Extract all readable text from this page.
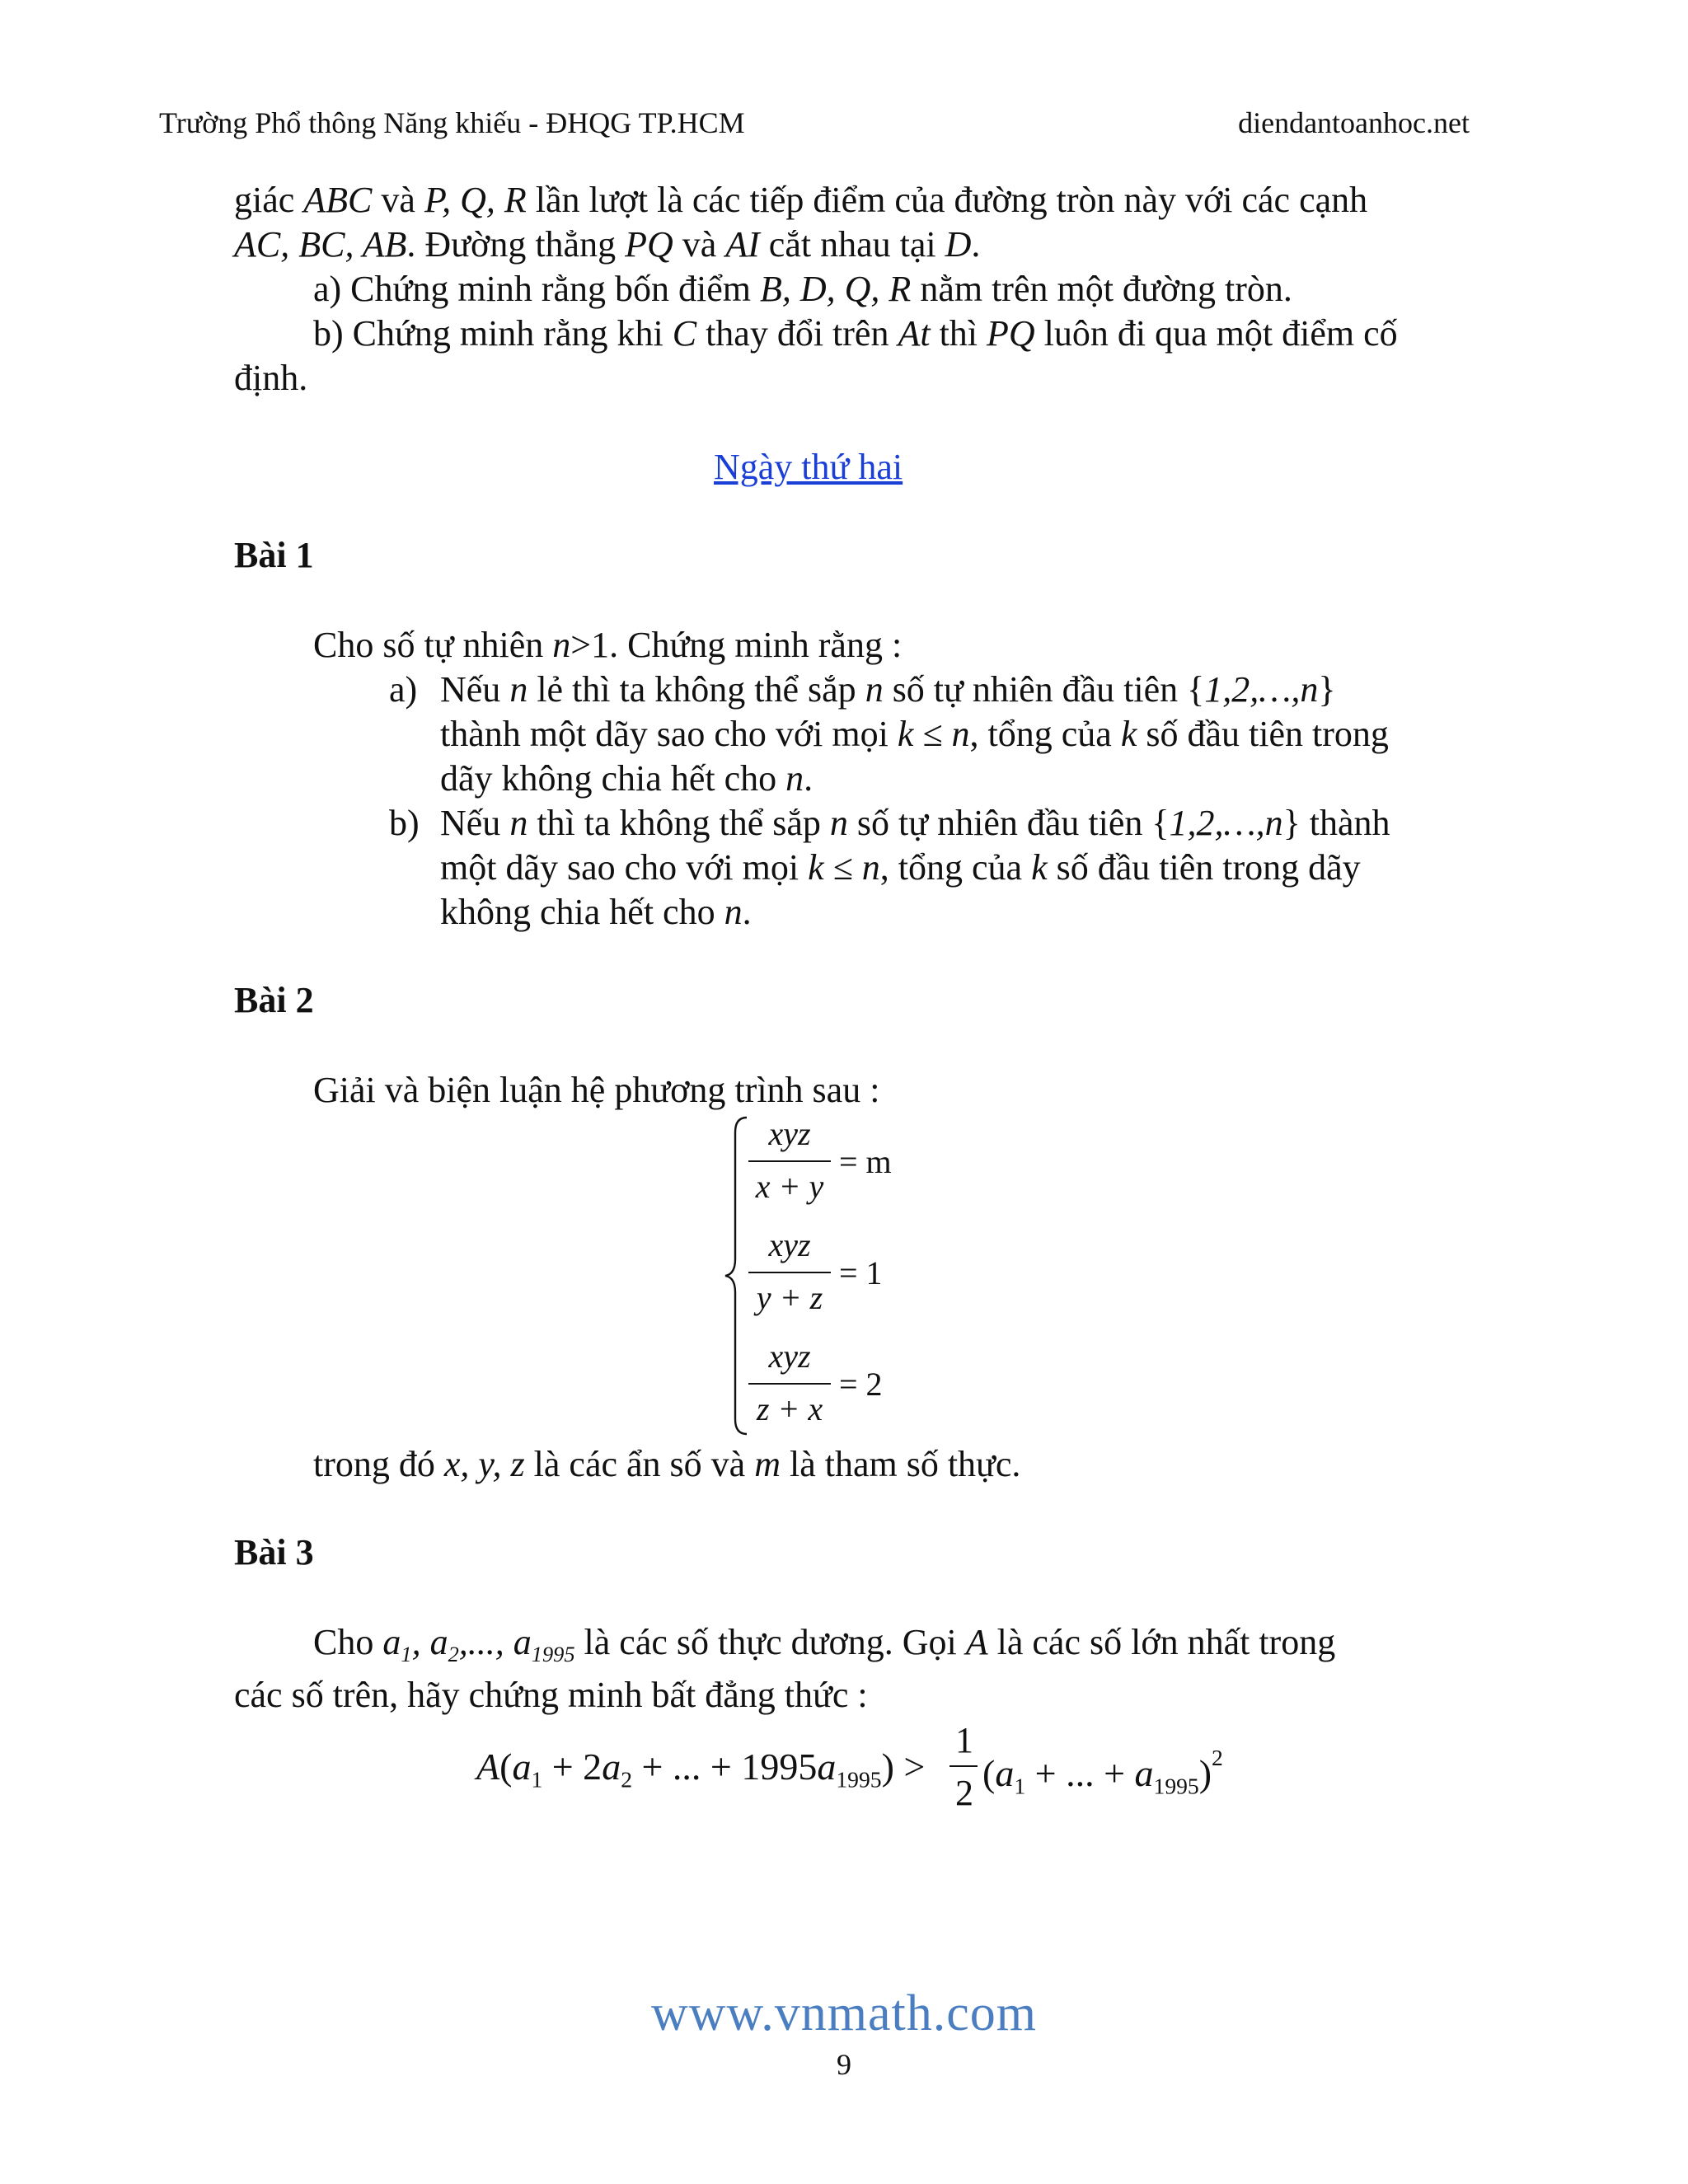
Trường Phổ thông Năng khiếu - ĐHQG TP.HCM	diendantoanhoc.net
giác ABC và P, Q, R lần lượt là các tiếp điểm của đường tròn này với các cạnh
AC, BC, AB. Đường thẳng PQ và AI cắt nhau tại D.
a) Chứng minh rằng bốn điểm B, D, Q, R nằm trên một đường tròn.
b) Chứng minh rằng khi C thay đổi trên At thì PQ luôn đi qua một điểm cố
định.
Ngày thứ hai
Bài 1
Cho số tự nhiên n>1. Chứng minh rằng :
a) Nếu n lẻ thì ta không thể sắp n số tự nhiên đầu tiên {1,2,…,n}
thành một dãy sao cho với mọi k ≤ n, tổng của k số đầu tiên trong
dãy không chia hết cho n.
b) Nếu n thì ta không thể sắp n số tự nhiên đầu tiên {1,2,…,n} thành
một dãy sao cho với mọi k ≤ n, tổng của k số đầu tiên trong dãy
không chia hết cho n.
Bài 2
Giải và biện luận hệ phương trình sau :
xyz
x + y
= m
xyz
y + z
= 1
xyz
z + x
= 2
trong đó x, y, z là các ẩn số và m là tham số thực.
Bài 3
Cho $a_1$, $a_2$,..., $a_{1995}$ là các số thực dương. Gọi A là các số lớn nhất trong
các số trên, hãy chứng minh bất đẳng thức :
$A(a_1 + 2a_2$ + ... + $1995a_{1995}$) >
1
2 ($a_1$ + ... + $a_{1995})^2$
www.vnmath.com
9
